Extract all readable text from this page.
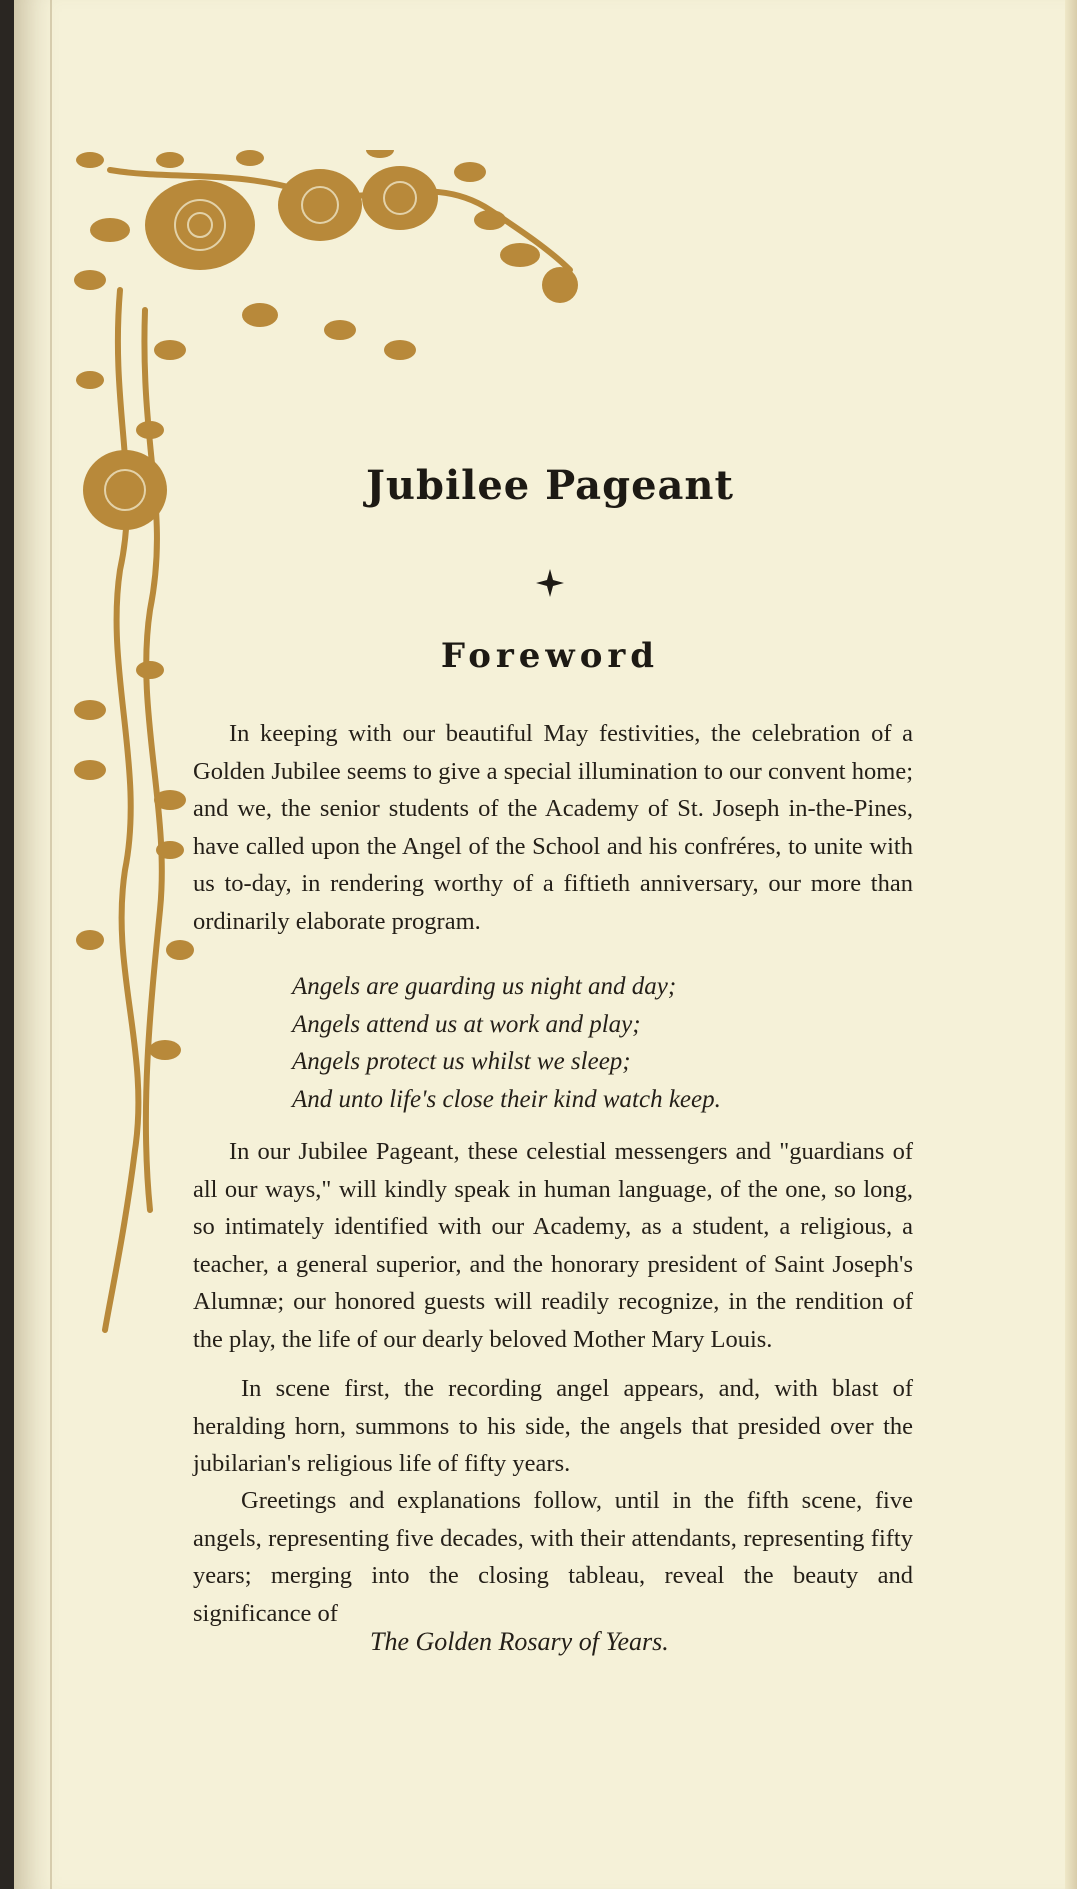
Jubilee Pageant
Foreword
In keeping with our beautiful May festivities, the celebration of a Golden Jubilee seems to give a special illumination to our convent home; and we, the senior students of the Academy of St. Joseph in-the-Pines, have called upon the Angel of the School and his confréres, to unite with us to-day, in rendering worthy of a fiftieth anniversary, our more than ordinarily elaborate program.
Angels are guarding us night and day;
Angels attend us at work and play;
Angels protect us whilst we sleep;
And unto life's close their kind watch keep.
In our Jubilee Pageant, these celestial messengers and "guardians of all our ways," will kindly speak in human language, of the one, so long, so intimately identified with our Academy, as a student, a religious, a teacher, a general superior, and the honorary president of Saint Joseph's Alumnæ; our honored guests will readily recognize, in the rendition of the play, the life of our dearly beloved Mother Mary Louis.
In scene first, the recording angel appears, and, with blast of heralding horn, summons to his side, the angels that presided over the jubilarian's religious life of fifty years.
Greetings and explanations follow, until in the fifth scene, five angels, representing five decades, with their attendants, representing fifty years; merging into the closing tableau, reveal the beauty and significance of
The Golden Rosary of Years.
